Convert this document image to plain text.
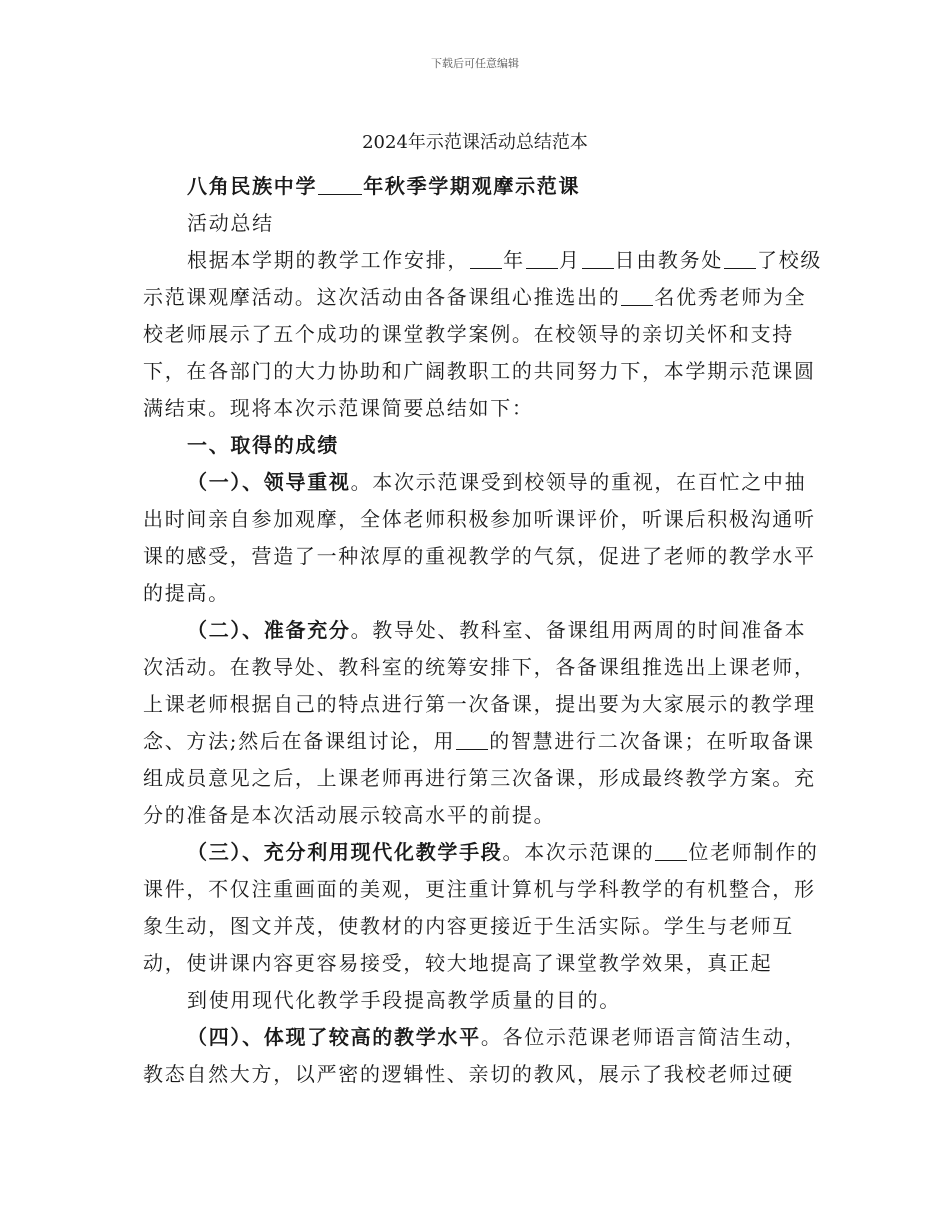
下载后可任意编辑
2024年示范课活动总结范本

八角民族中学 年秋季学期观摩示范课

活动总结

根据本学期的教学工作安排， 年 月 日由教务处 了校级示范课观摩活动。这次活动由各备课组心推选出的 名优秀老师为全校老师展示了五个成功的课堂教学案例。在校领导的亲切关怀和支持下，在各部门的大力协助和广阔教职工的共同努力下，本学期示范课圆满结束。现将本次示范课简要总结如下：

一、取得的成绩

（一）、领导重视。本次示范课受到校领导的重视，在百忙之中抽出时间亲自参加观摩，全体老师积极参加听课评价，听课后积极沟通听课的感受，营造了一种浓厚的重视教学的气氛，促进了老师的教学水平的提高。

（二）、准备充分。教导处、教科室、备课组用两周的时间准备本次活动。在教导处、教科室的统筹安排下，各备课组推选出上课老师，上课老师根据自己的特点进行第一次备课，提出要为大家展示的教学理念、方法;然后在备课组讨论，用 的智慧进行二次备课；在听取备课组成员意见之后，上课老师再进行第三次备课，形成最终教学方案。充分的准备是本次活动展示较高水平的前提。

（三）、充分利用现代化教学手段。本次示范课的 位老师制作的课件，不仅注重画面的美观，更注重计算机与学科教学的有机整合，形象生动，图文并茂，使教材的内容更接近于生活实际。学生与老师互动，使讲课内容更容易接受，较大地提高了课堂教学效果，真正起

到使用现代化教学手段提高教学质量的目的。

（四）、体现了较高的教学水平。各位示范课老师语言简洁生动，教态自然大方，以严密的逻辑性、亲切的教风，展示了我校老师过硬
